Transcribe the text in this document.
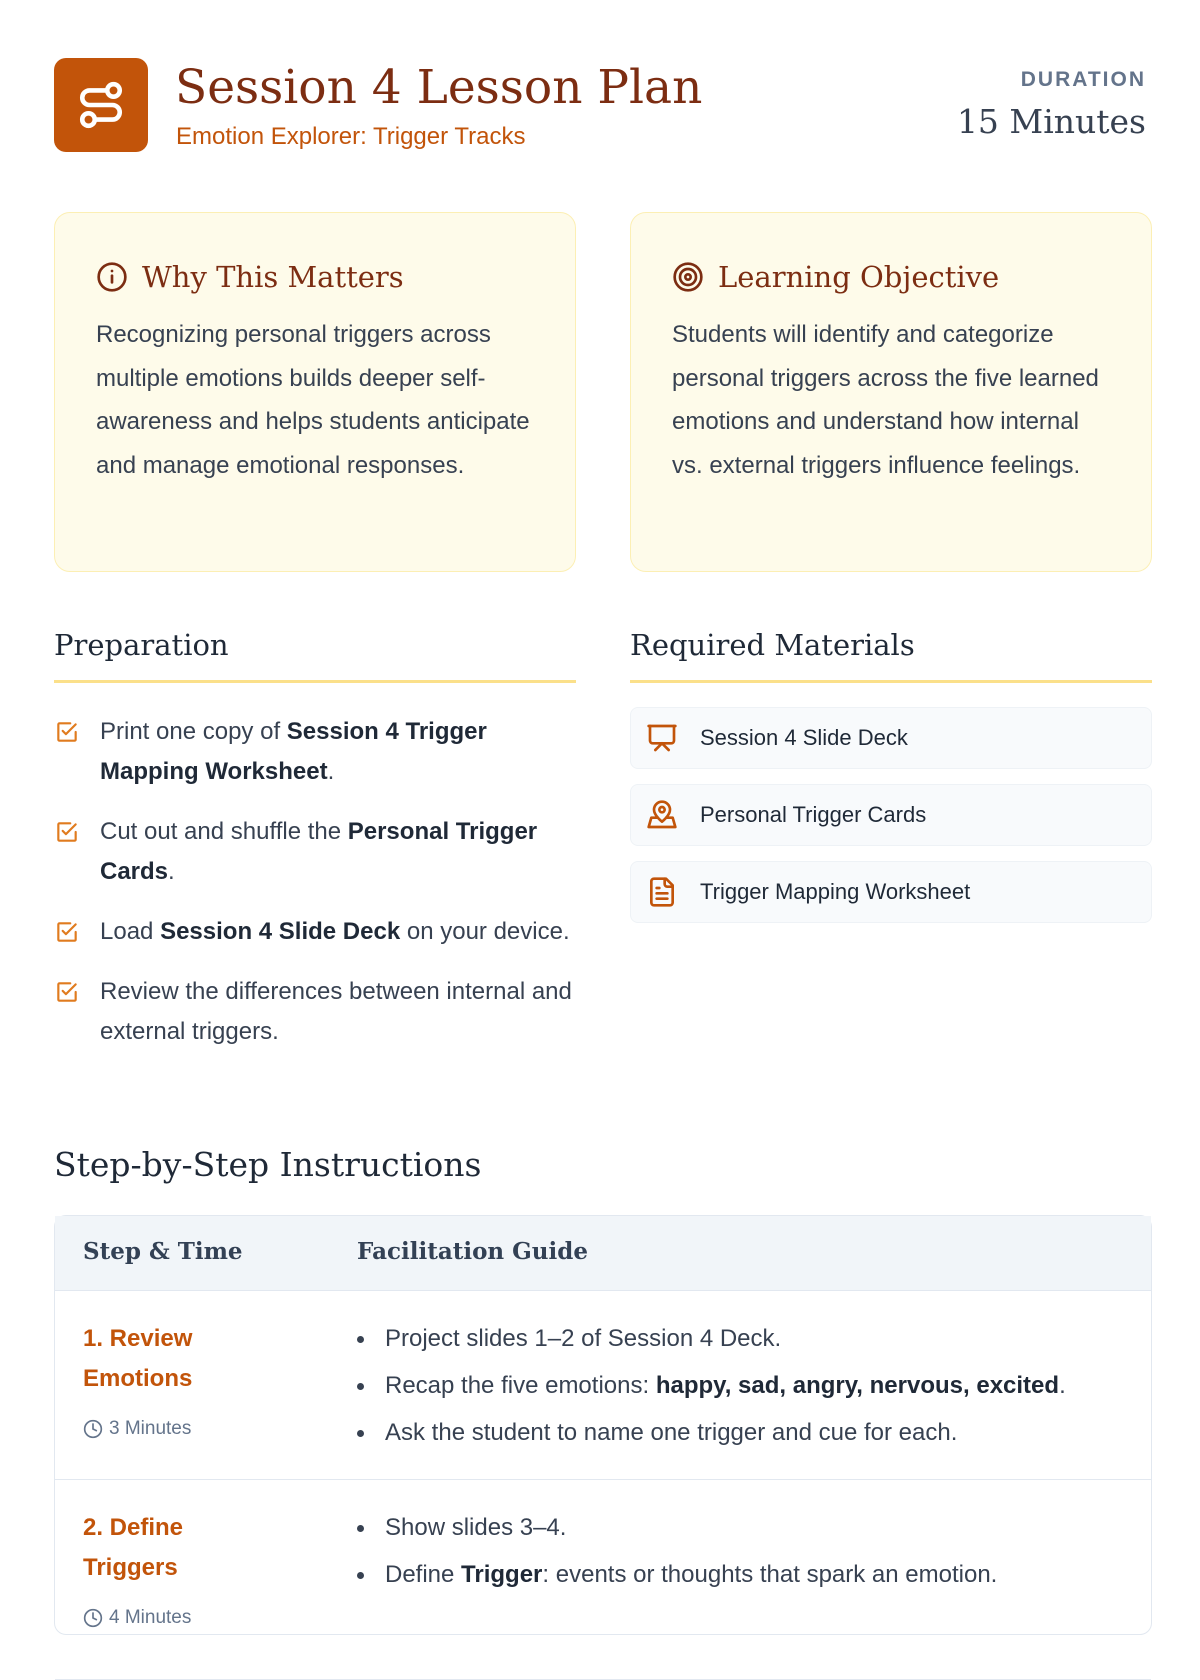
Session 4 Lesson Plan
Emotion Explorer: Trigger Tracks
DURATION
15 Minutes
Why This Matters

Recognizing personal triggers across multiple emotions builds deeper self-awareness and helps students anticipate and manage emotional responses.

Learning Objective

Students will identify and categorize personal triggers across the five learned emotions and understand how internal vs. external triggers influence feelings.

Preparation	Required Materials
Print one copy of Session 4 Trigger Mapping Worksheet.
Cut out and shuffle the Personal Trigger Cards.
Load Session 4 Slide Deck on your device.
Review the differences between internal and external triggers.
Session 4 Slide Deck
Personal Trigger Cards
Trigger Mapping Worksheet
Step-by-Step Instructions
Step & Time	Facilitation Guide
1. Review Emotions
3 Minutes
Project slides 1–2 of Session 4 Deck.
Recap the five emotions: happy, sad, angry, nervous, excited.
Ask the student to name one trigger and cue for each.
2. Define Triggers
4 Minutes
Show slides 3–4.
Define Trigger: events or thoughts that spark an emotion.
